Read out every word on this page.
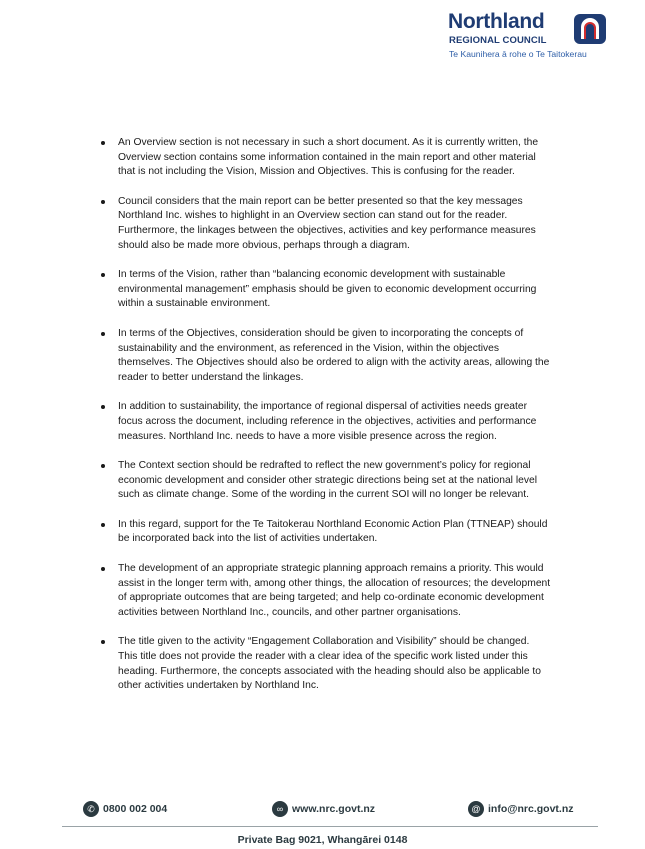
Northland
REGIONAL COUNCIL
Te Kaunihera ā rohe o Te Taitokerau
An Overview section is not necessary in such a short document. As it is currently written, the Overview section contains some information contained in the main report and other material that is not including the Vision, Mission and Objectives. This is confusing for the reader.
Council considers that the main report can be better presented so that the key messages Northland Inc. wishes to highlight in an Overview section can stand out for the reader. Furthermore, the linkages between the objectives, activities and key performance measures should also be made more obvious, perhaps through a diagram.
In terms of the Vision, rather than “balancing economic development with sustainable environmental management” emphasis should be given to economic development occurring within a sustainable environment.
In terms of the Objectives, consideration should be given to incorporating the concepts of sustainability and the environment, as referenced in the Vision, within the objectives themselves. The Objectives should also be ordered to align with the activity areas, allowing the reader to better understand the linkages.
In addition to sustainability, the importance of regional dispersal of activities needs greater focus across the document, including reference in the objectives, activities and performance measures. Northland Inc. needs to have a more visible presence across the region.
The Context section should be redrafted to reflect the new government’s policy for regional economic development and consider other strategic directions being set at the national level such as climate change. Some of the wording in the current SOI will no longer be relevant.
In this regard, support for the Te Taitokerau Northland Economic Action Plan (TTNEAP) should be incorporated back into the list of activities undertaken.
The development of an appropriate strategic planning approach remains a priority. This would assist in the longer term with, among other things, the allocation of resources; the development of appropriate outcomes that are being targeted; and help co-ordinate economic development activities between Northland Inc., councils, and other partner organisations.
The title given to the activity “Engagement Collaboration and Visibility” should be changed. This title does not provide the reader with a clear idea of the specific work listed under this heading. Furthermore, the concepts associated with the heading should also be applicable to other activities undertaken by Northland Inc.
✆ 0800 002 004	∞ www.nrc.govt.nz	@ info@nrc.govt.nz
Private Bag 9021, Whangārei 0148
